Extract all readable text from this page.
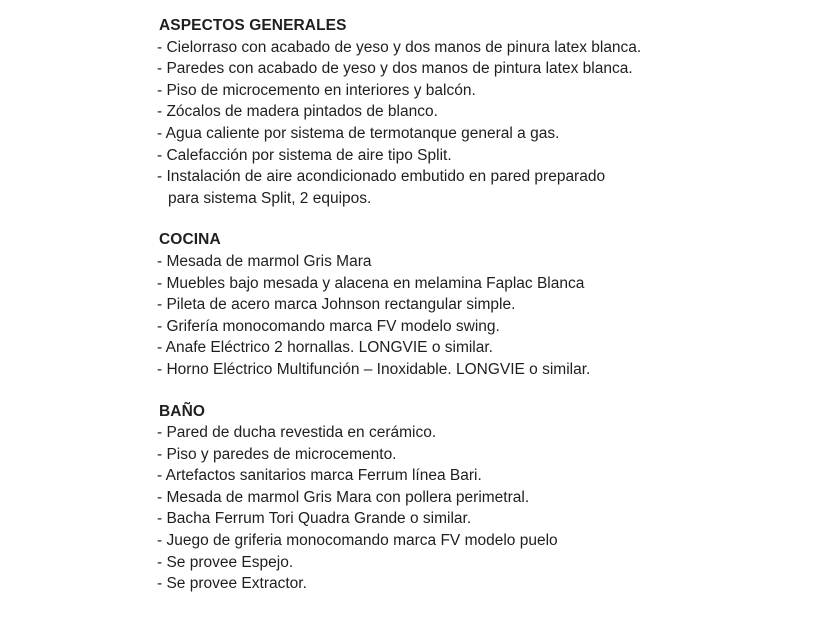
ASPECTOS GENERALES
- Cielorraso con acabado de yeso y dos manos de pinura latex blanca.
- Paredes con acabado de yeso y dos manos de pintura latex blanca.
- Piso de microcemento en interiores y balcón.
- Zócalos de madera pintados de blanco.
- Agua caliente por sistema de termotanque general a gas.
- Calefacción por sistema de aire tipo Split.
- Instalación de aire acondicionado embutido en pared preparado
para sistema Split, 2 equipos.
COCINA
- Mesada de marmol Gris Mara
- Muebles bajo mesada y alacena en melamina Faplac Blanca
- Pileta de acero marca Johnson rectangular simple.
- Grifería monocomando marca FV modelo swing.
- Anafe Eléctrico 2 hornallas. LONGVIE o similar.
- Horno Eléctrico Multifunción – Inoxidable. LONGVIE o similar.
BAÑO
- Pared de ducha revestida en cerámico.
- Piso y paredes de microcemento.
- Artefactos sanitarios marca Ferrum línea Bari.
- Mesada de marmol Gris Mara con pollera perimetral.
- Bacha Ferrum Tori Quadra Grande o similar.
- Juego de griferia monocomando marca FV modelo puelo
- Se provee Espejo.
- Se provee Extractor.
